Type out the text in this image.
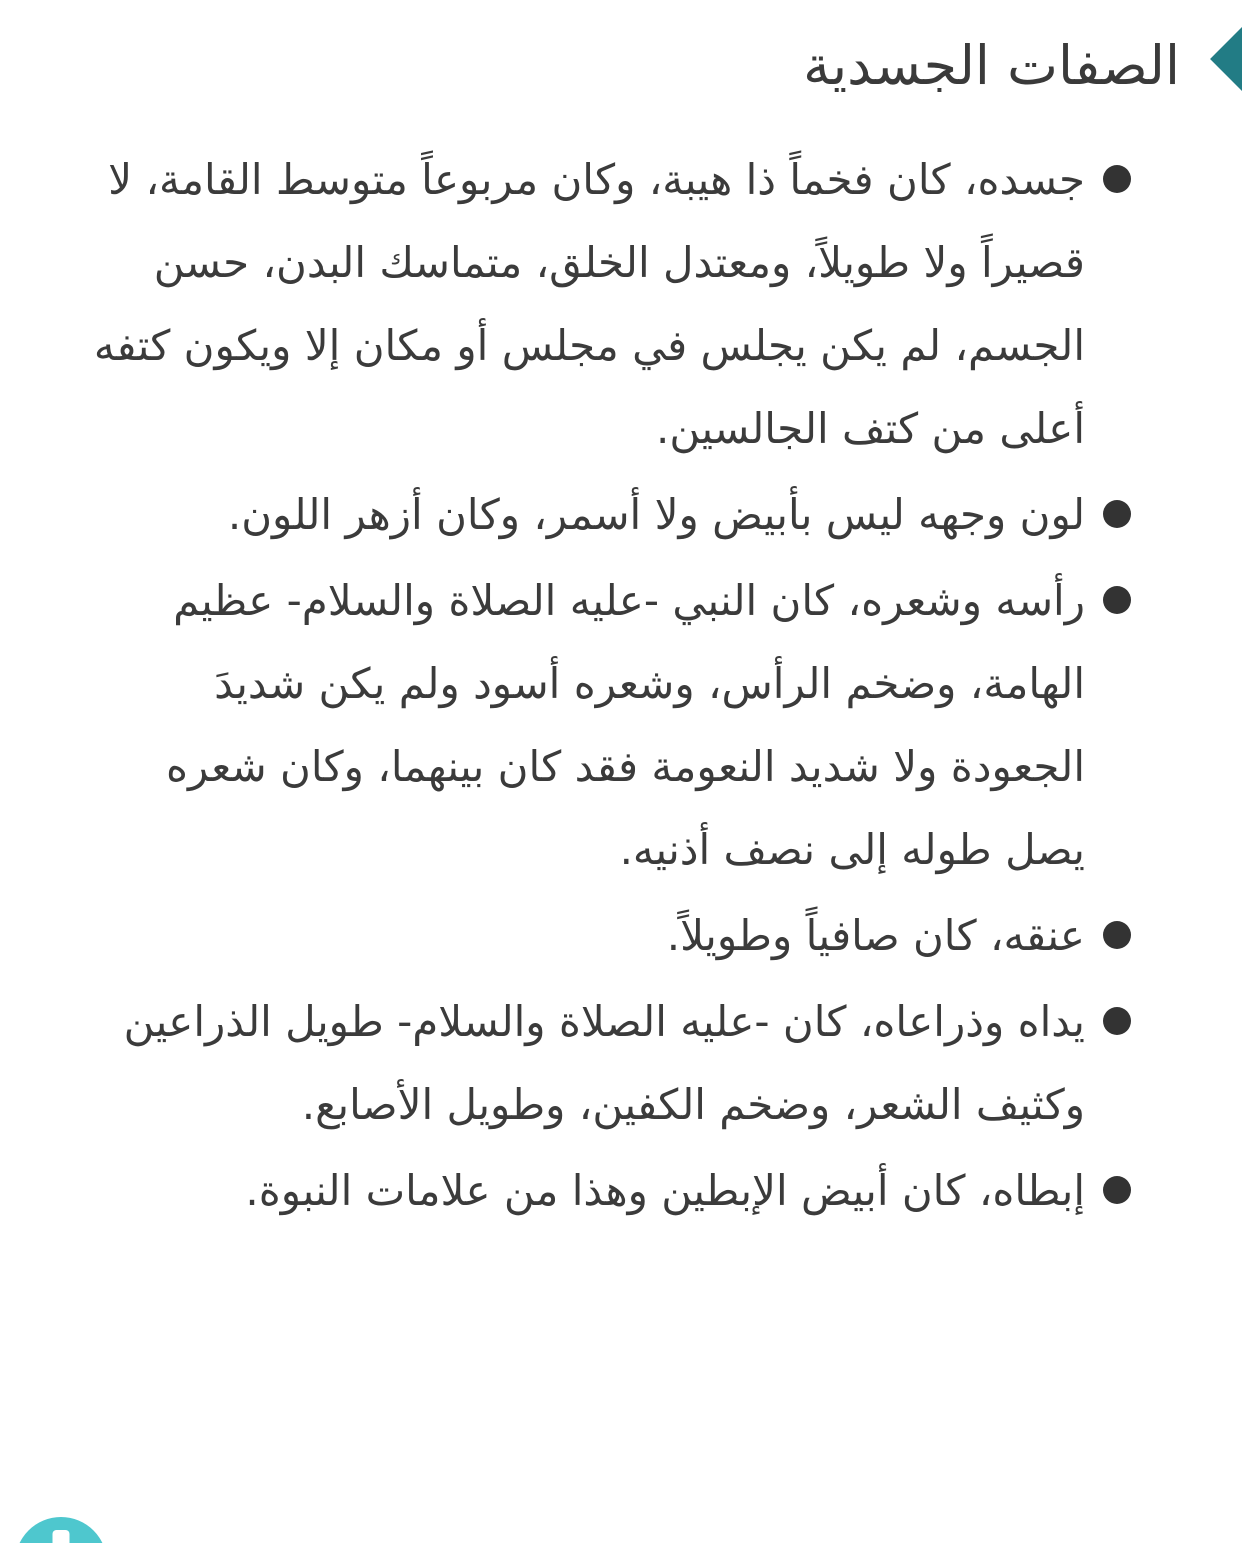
الصفات الجسدية
جسده، كان فخماً ذا هيبة، وكان مربوعاً متوسط القامة، لا قصيراً ولا طويلاً، ومعتدل الخلق، متماسك البدن، حسن الجسم، لم يكن يجلس في مجلس أو مكان إلا ويكون كتفه أعلى من كتف الجالسين.
لون وجهه ليس بأبيض ولا أسمر، وكان أزهر اللون.
رأسه وشعره، كان النبي -عليه الصلاة والسلام- عظيم الهامة، وضخم الرأس، وشعره أسود ولم يكن شديدَ الجعودة ولا شديد النعومة فقد كان بينهما، وكان شعره يصل طوله إلى نصف أذنيه.
عنقه، كان صافياً وطويلاً.
يداه وذراعاه، كان -عليه الصلاة والسلام- طويل الذراعين وكثيف الشعر، وضخم الكفين، وطويل الأصابع.
إبطاه، كان أبيض الإبطين وهذا من علامات النبوة.
